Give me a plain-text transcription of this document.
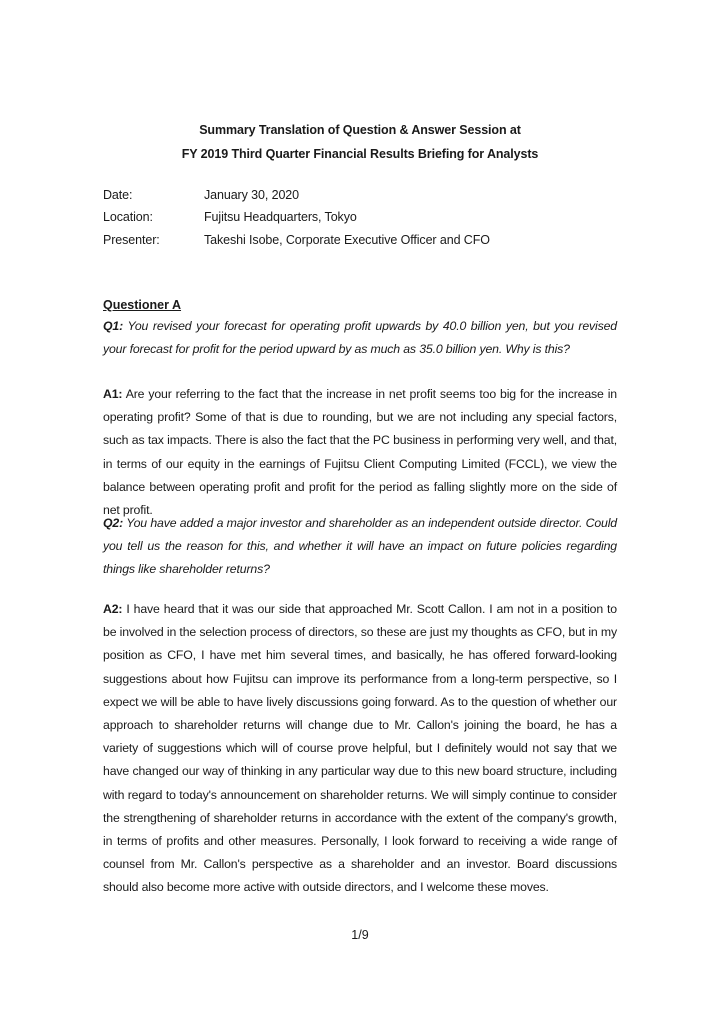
Summary Translation of Question & Answer Session at
FY 2019 Third Quarter Financial Results Briefing for Analysts
Date:	January 30, 2020
Location:	Fujitsu Headquarters, Tokyo
Presenter:	Takeshi Isobe, Corporate Executive Officer and CFO
Questioner A
Q1: You revised your forecast for operating profit upwards by 40.0 billion yen, but you revised your forecast for profit for the period upward by as much as 35.0 billion yen. Why is this?
A1: Are your referring to the fact that the increase in net profit seems too big for the increase in operating profit? Some of that is due to rounding, but we are not including any special factors, such as tax impacts. There is also the fact that the PC business in performing very well, and that, in terms of our equity in the earnings of Fujitsu Client Computing Limited (FCCL), we view the balance between operating profit and profit for the period as falling slightly more on the side of net profit.
Q2: You have added a major investor and shareholder as an independent outside director. Could you tell us the reason for this, and whether it will have an impact on future policies regarding things like shareholder returns?
A2: I have heard that it was our side that approached Mr. Scott Callon. I am not in a position to be involved in the selection process of directors, so these are just my thoughts as CFO, but in my position as CFO, I have met him several times, and basically, he has offered forward-looking suggestions about how Fujitsu can improve its performance from a long-term perspective, so I expect we will be able to have lively discussions going forward. As to the question of whether our approach to shareholder returns will change due to Mr. Callon's joining the board, he has a variety of suggestions which will of course prove helpful, but I definitely would not say that we have changed our way of thinking in any particular way due to this new board structure, including with regard to today's announcement on shareholder returns. We will simply continue to consider the strengthening of shareholder returns in accordance with the extent of the company's growth, in terms of profits and other measures. Personally, I look forward to receiving a wide range of counsel from Mr. Callon's perspective as a shareholder and an investor. Board discussions should also become more active with outside directors, and I welcome these moves.
1/9
